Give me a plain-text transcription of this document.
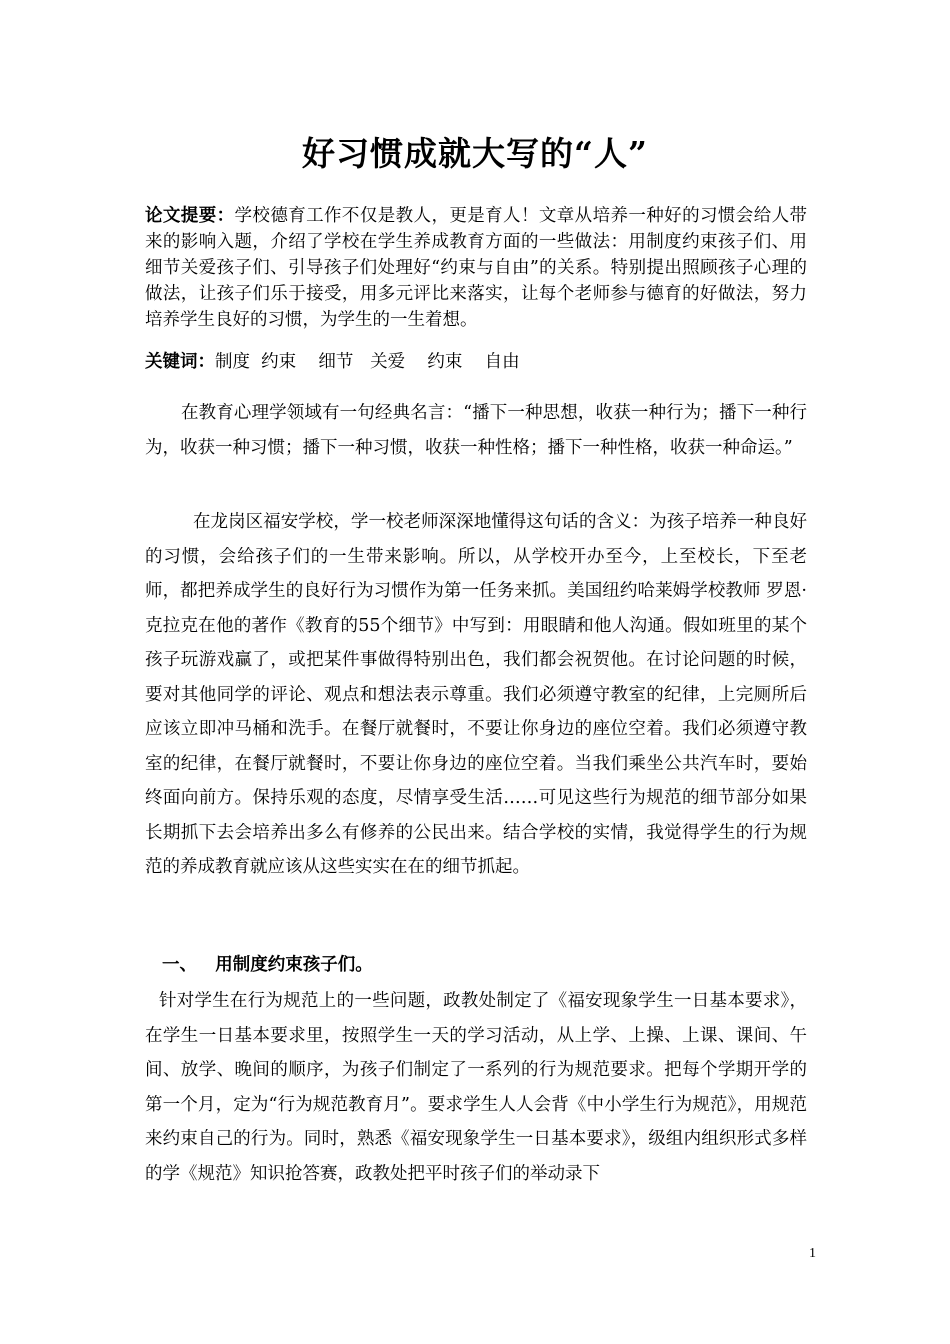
好习惯成就大写的“人”
论文提要：学校德育工作不仅是教人，更是育人！文章从培养一种好的习惯会给人带来的影响入题，介绍了学校在学生养成教育方面的一些做法：用制度约束孩子们、用细节关爱孩子们、引导孩子们处理好“约束与自由”的关系。特别提出照顾孩子心理的做法，让孩子们乐于接受，用多元评比来落实，让每个老师参与德育的好做法，努力培养学生良好的习惯，为学生的一生着想。
关键词：制度  约束    细节   关爱    约束    自由
在教育心理学领域有一句经典名言：“播下一种思想，收获一种行为；播下一种行为，收获一种习惯；播下一种习惯，收获一种性格；播下一种性格，收获一种命运。”
在龙岗区福安学校，学一校老师深深地懂得这句话的含义：为孩子培养一种良好的习惯，会给孩子们的一生带来影响。所以，从学校开办至今，上至校长，下至老师，都把养成学生的良好行为习惯作为第一任务来抓。美国纽约哈莱姆学校教师 罗恩·克拉克在他的著作《教育的55个细节》中写到：用眼睛和他人沟通。假如班里的某个孩子玩游戏赢了，或把某件事做得特别出色，我们都会祝贺他。在讨论问题的时候，要对其他同学的评论、观点和想法表示尊重。我们必须遵守教室的纪律，上完厕所后应该立即冲马桶和洗手。在餐厅就餐时，不要让你身边的座位空着。我们必须遵守教室的纪律，在餐厅就餐时，不要让你身边的座位空着。当我们乘坐公共汽车时，要始终面向前方。保持乐观的态度，尽情享受生活……可见这些行为规范的细节部分如果长期抓下去会培养出多么有修养的公民出来。结合学校的实情，我觉得学生的行为规范的养成教育就应该从这些实实在在的细节抓起。
一、   用制度约束孩子们。
针对学生在行为规范上的一些问题，政教处制定了《福安现象学生一日基本要求》，在学生一日基本要求里，按照学生一天的学习活动，从上学、上操、上课、课间、午间、放学、晚间的顺序，为孩子们制定了一系列的行为规范要求。把每个学期开学的第一个月，定为“行为规范教育月”。要求学生人人会背《中小学生行为规范》，用规范来约束自己的行为。同时，熟悉《福安现象学生一日基本要求》，级组内组织形式多样的学《规范》知识抢答赛，政教处把平时孩子们的举动录下
1
